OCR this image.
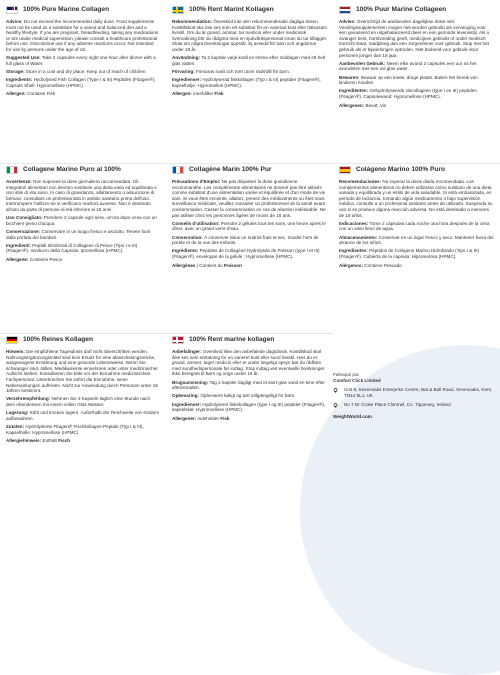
100% Pure Marine Collagen

Advice: Do not exceed the recommended daily dose. Food supplements must not be used as a substitute for a varied and balanced diet and a healthy lifestyle. If you are pregnant, breastfeeding, taking any medications or are under medical supervision, please consult a healthcare professional before use. Discontinue use if any adverse reactions occur. Not intended for use by persons under the age of 18.

Suggested Use: Take 2 capsules every night one hour after dinner with a full glass of Water.

Storage: Store in a cool and dry place. Keep out of reach of children.

Ingredients: Hydrolysed Fish Collagen (Type I & III) Peptides (Fitagen®), Capsule Shell: Hypromellose (HPMC).

Allergen: Contains Fish

100% Rent Marint Kollagen

Rekommendation: Överskrid inte den rekommenderade dagliga dosen. Kosttillskott ska inte ses som ett substitut för en varierad kost eller hälsosam livsstil. Om du är gravid, ammar, tar medicin eller under medicinsk övervakning bör du rådgöra med en sjukvårdspersonal innan du tar tillägget. Sluta om några biverkningar uppstår. Ej avsedd för barn och ungdomar under 18 år.

Användning: Ta 2 kapslar varje kväll en timme efter middagen med ett helt glas vatten.

Förvaring: Förvaras svalt och torrt utom räckhåll för barn.

Ingredienser: Hydrolyserad fiskkollagen (Typ I & III) peptider (Fitagen®), kapselhölje: Hypromellos (HPMC).

Allergen: innehåller Fisk

100% Puur Marine Collageen

Advies: Overschrijd de aanbevolen dagelijkse dosis niet. Voedingssupplementen mogen niet worden gebruikt als vervanging voor een gevarieerd en uitgebalanceerd dieet en een gezonde levensstijl. Als u zwanger bent, borstvoeding geeft, medicijnen gebruikt of onder medisch toezicht staat, raadpleeg dan een zorgverlener voor gebruik. Stop met het gebruik als er bijwerkingen optreden. Niet bedoeld voor gebruik door personen jonger dan 18 jaar.

Aanbevolen Gebruik: Neem elke avond 2 capsules een uur na het avondeten met een vol glas water.

Bewaren: Bewaar op een koele, droge plaats. Buiten het bereik van kinderen houden.

Ingrediënten: Gehydrolyseerde viscollageen (type I en III) peptiden (Fitagen®), Capsulewand: Hypromellose (HPMC).

Allergenen: Bevat: Vis

Collagene Marino Puro al 100%

Avvertenze: Non superare la dose giornaliera raccomandata. Gli integratori alimentari non devono sostituire una dieta varia ed equilibrata e uno stile di vita sano. In caso di gravidanza, allattamento o assunzione di farmaci, consultare un professionista in ambito sanitario prima dell'uso. Interrompere l'utilizzo se si verificano reazioni avverse. Non è destinato all'uso da parte di persone di età inferiore ai 18 anni.

Uso Consigliato: Prendere 2 capsule ogni sera, un'ora dopo cena con un bicchiere pieno d'acqua.

Conservazione: Conservare in un luogo fresco e asciutto. Tenere fuori dalla portata dei bambini.

Ingredienti: Peptidi Idrolizzati di Collagene di Pesce (Tipo I e III) (Fitagen®), Involucro della Capsula: Ipromellosa (HPMC).

Allergene: Contiene Pesce

Collagène Marin 100% Pur

Précautions d'Emploi: Ne pas dépasser la dose quotidienne recommandée. Les compléments alimentaires ne doivent pas être utilisés comme substitut d'une alimentation variée et équilibrée et d'un mode de vie sain. Si vous êtes enceinte, allaitez, prenez des médicaments ou êtes sous surveillance médicale, veuillez consulter un professionnel de la santé avant consommation. Cesser la consommation en cas de réaction indésirable. Ne pas utiliser chez les personnes âgées de moins de 18 ans.

Conseils d'utilisation: Prendre 2 gélules tous les soirs, une heure après le dîner, avec un grand verre d'eau.

Conservation: À conserver dans un endroit frais et sec. Garder hors de portée et de la vue des enfants.

Ingrédients: Peptides de Collagène Hydrolysés de Poisson (type I et III) (Fitagen®), enveloppe de la gélule : Hypromellose (HPMC).

Allergènes | Contient du Poisson

Colágeno Marino 100% Puro

Recomendaciones: No superar la dosis diaria recomendada. Los complementos alimenticios no deben utilizarse como sustituto de una dieta variada y equilibrada y un estilo de vida saludable. Si está embarazada, en período de lactancia, tomando algún medicamento o bajo supervisión médica, consulte a un profesional sanitario antes de utilizarlo. Suspenda su uso si se produce alguna reacción adversa. No está destinado a menores de 18 años.

Indicaciones: Tome 2 cápsulas cada noche una hora después de la cena con un vaso lleno de agua.

Almacenamiento: Conservar en un lugar fresco y seco. Mantener fuera del alcance de los niños.

Ingredientes: Péptidos de Colágeno Marino Hidrolizado (Tipo I & III) (Fitagen®), Cubierta de la cápsula: Hipromelosa (HPMC).

Alérgenos: Contiene Pescado

100% Reines Kollagen

Hinweis: Die empfohlene Tagesdosis darf nicht überschritten werden. Nahrungsergänzungsmittel sind kein Ersatz für eine abwechslungsreiche, ausgewogene Ernährung und eine gesunde Lebensweise. Wenn Sie schwanger sind, stillen, Medikamente einnehmen oder unter medizinischer Aufsicht stehen, konsultieren Sie bitte vor der Einnahme medizinisches Fachpersonal. Unterbrechen Sie sofort die Einnahme, wenn Nebenwirkungen auftreten. Nicht zur Anwendung durch Personen unter 18 Jahren bestimmt.

Verzehrempfehlung: Nehmen Sie 2 Kapseln täglich eine Stunde nach dem Abendessen mit einem vollen Glas Wasser.

Lagerung: Kühl und trocken lagern. Außerhalb der Reichweite von Kindern aufbewahren.

Zutaten: Hydrolysierte Fitagen® Fischkollagen-Peptide (Typ I & III), Kapselhülle: Hypromellose (HPMC).

Allergiehinweis: Enthält Fisch

100% Rent marine kollagen

Anbefalinger: Overskrid ikke den anbefalede dagsdosis. Kosttilskud skal ikke ses som erstatning for en varieret kost eller sund livsstil. Hvis du er gravid, ammer, tager medicin eller er under lægeligt opsyn bør du rådføre med sundhedspersonale før indtag. Stop indtag ved eventuelle bivirkninger. Ikke beregnet til børn og unge under 18 år.

Brugsanvisning: Tag 2 kapsler dagligt med et stort glas vand en time efter aftensmaden.

Opbevaring: Opbevares køligt og tørt utilgængeligt for børn.

Ingredienser: Hydrolyseret fiskekollagen (type I og III) peptider (Fitagen®), kapselskal: Hypromellose (HPMC).

Allergener: indeholder Fisk

Fabriqué par
Comfort Click Limited
Unit 8, Sevenoaks Enterprise Centre, Bat & Ball Road, Sevenoaks, Kent, TN14 5LJ, UK
No 7 Dr Croke Place Clonmel, Co. Tipperary, Ireland
WeightWorld.com
